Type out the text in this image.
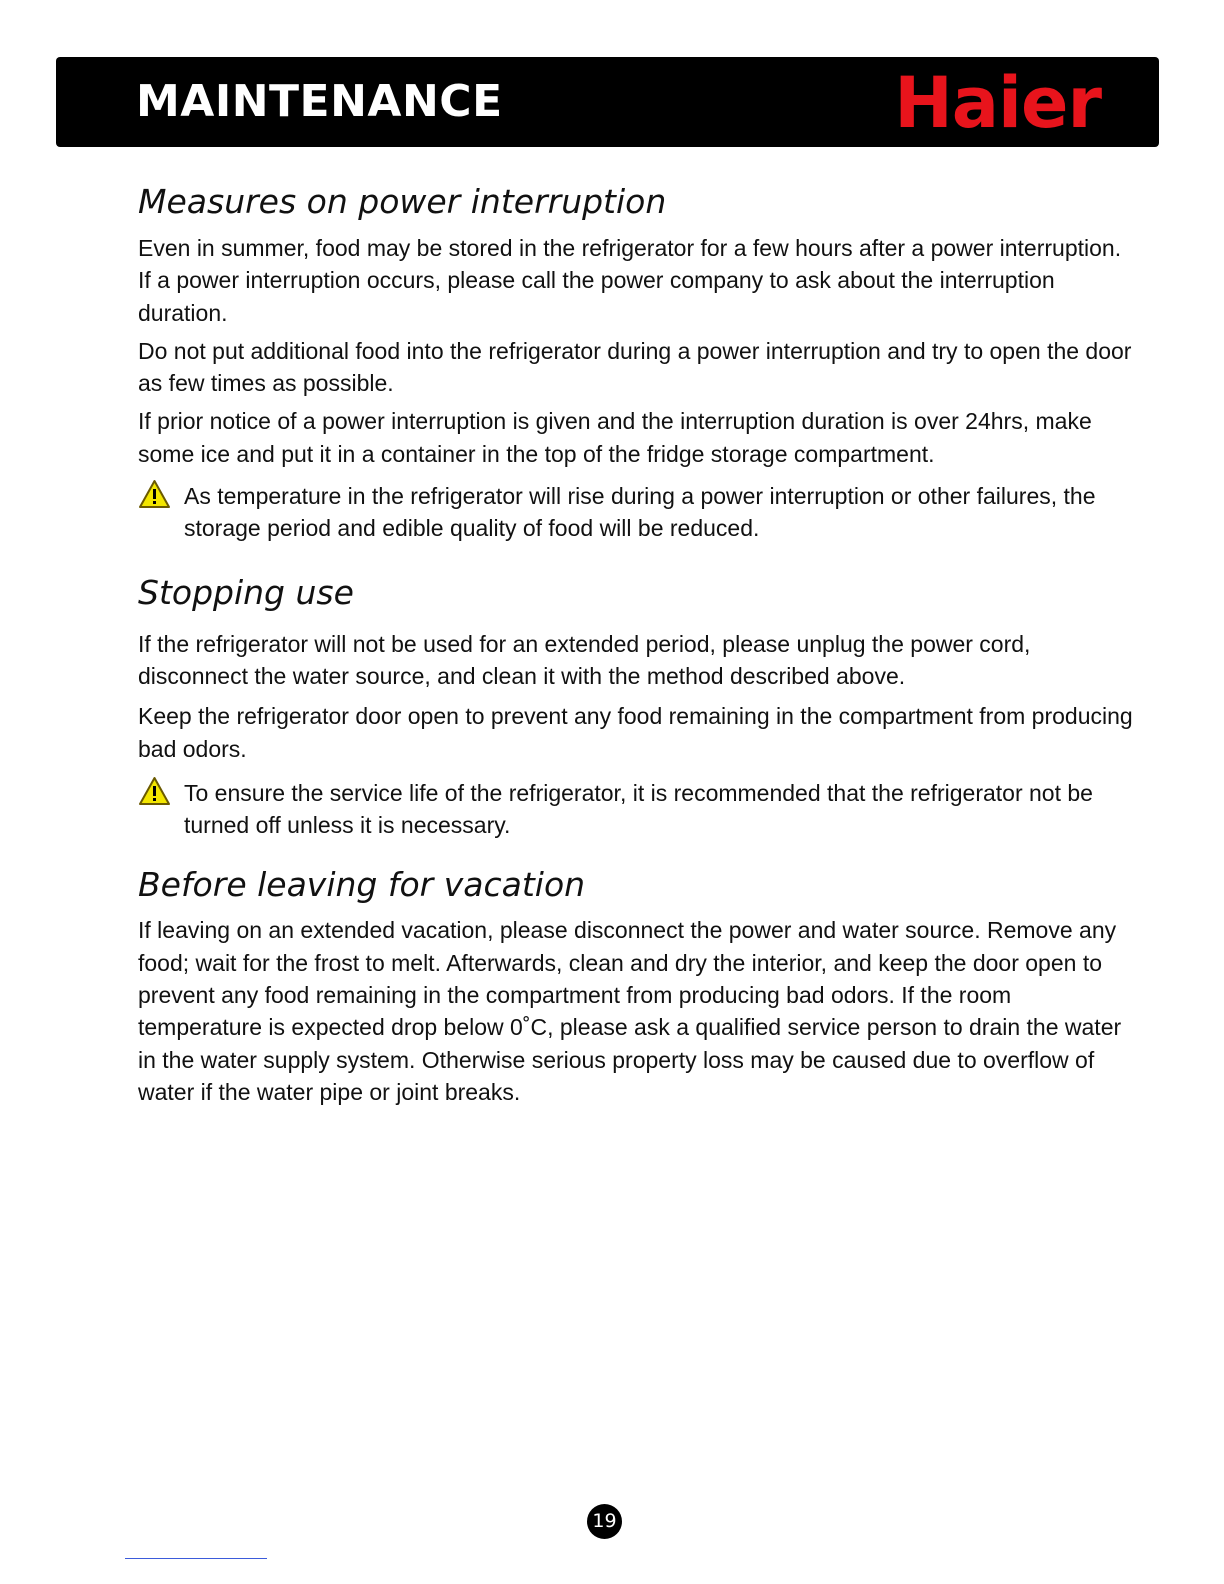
MAINTENANCE	Haier
Measures on power interruption

Even in summer, food may be stored in the refrigerator for a few hours after a power interruption. If a power interruption occurs, please call the power company to ask about the interruption duration.

Do not put additional food into the refrigerator during a power interruption and try to open the door as few times as possible.

If prior notice of a power interruption is given and the interruption duration is over 24hrs, make some ice and put it in a container in the top of the fridge storage compartment.

As temperature in the refrigerator will rise during a power interruption or other failures, the storage period and edible quality of food will be reduced.
Stopping use

If the refrigerator will not be used for an extended period, please unplug the power cord, disconnect the water source, and clean it with the method described above.

Keep the refrigerator door open to prevent any food remaining in the compartment from producing bad odors.

To ensure the service life of the refrigerator, it is recommended that the refrigerator not be turned off unless it is necessary.
Before leaving for vacation

If leaving on an extended vacation, please disconnect the power and water source. Remove any food; wait for the frost to melt. Afterwards, clean and dry the interior, and keep the door open to prevent any food remaining in the compartment from producing bad odors. If the room temperature is expected drop below 0˚C, please ask a qualified service person to drain the water in the water supply system. Otherwise serious property loss may be caused due to overflow of water if the water pipe or joint breaks.

19
